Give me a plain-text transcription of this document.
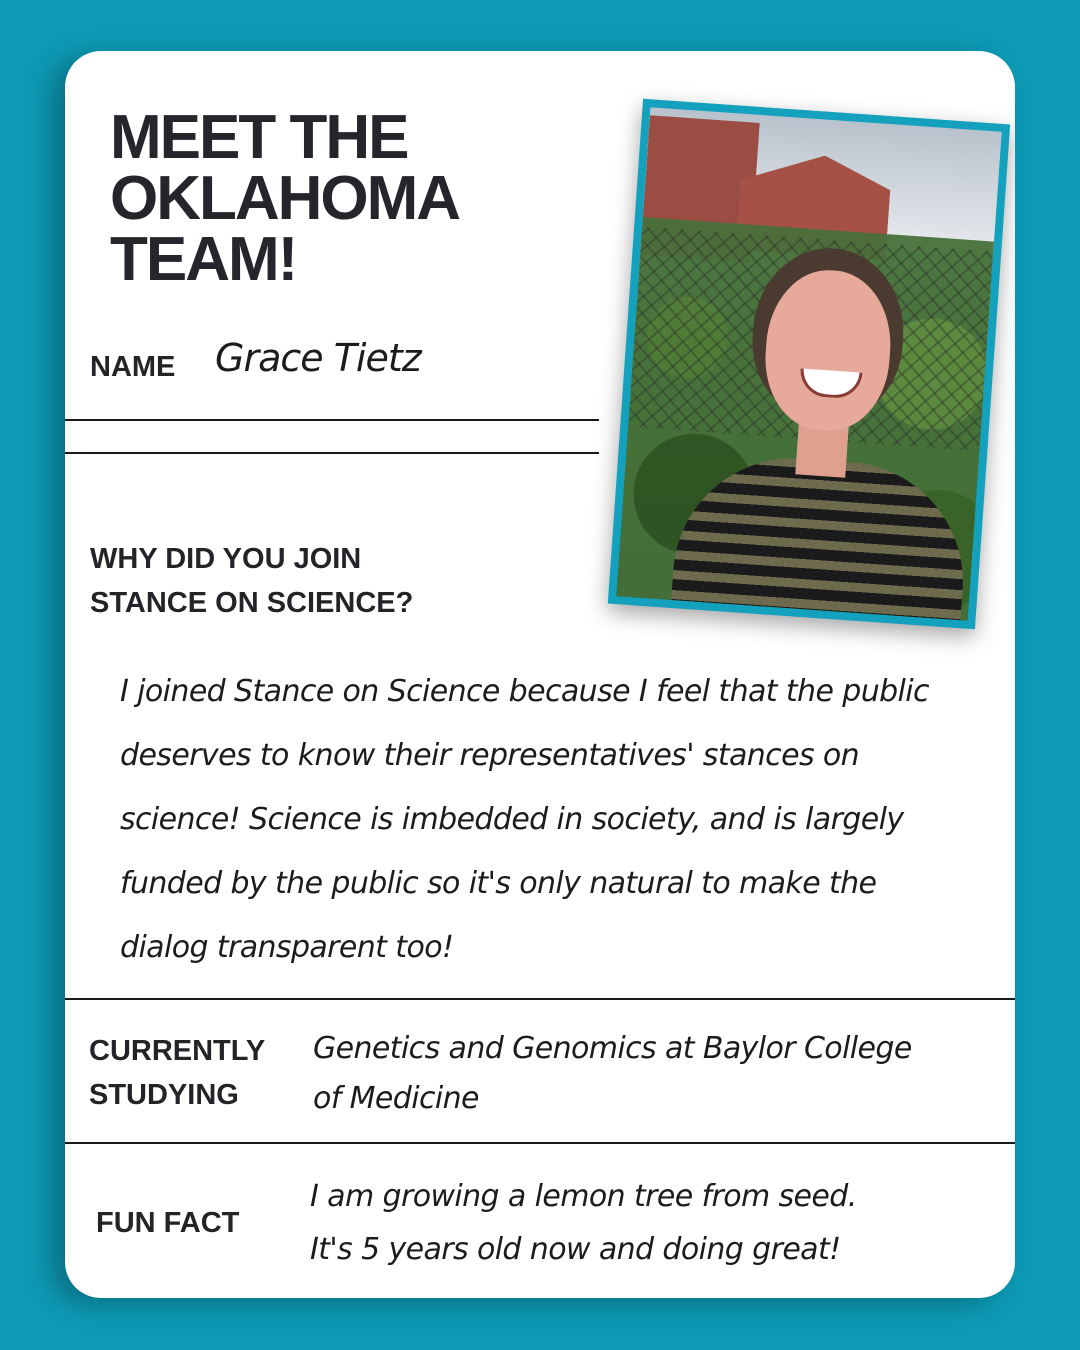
MEET THE
OKLAHOMA
TEAM!
NAME Grace Tietz
WHY DID YOU JOIN
STANCE ON SCIENCE?
I joined Stance on Science because I feel that the public
deserves to know their representatives' stances on
science! Science is imbedded in society, and is largely
funded by the public so it's only natural to make the
dialog transparent too!
CURRENTLY
STUDYING
Genetics and Genomics at Baylor College
of Medicine
FUN FACT
I am growing a lemon tree from seed.
It's 5 years old now and doing great!
